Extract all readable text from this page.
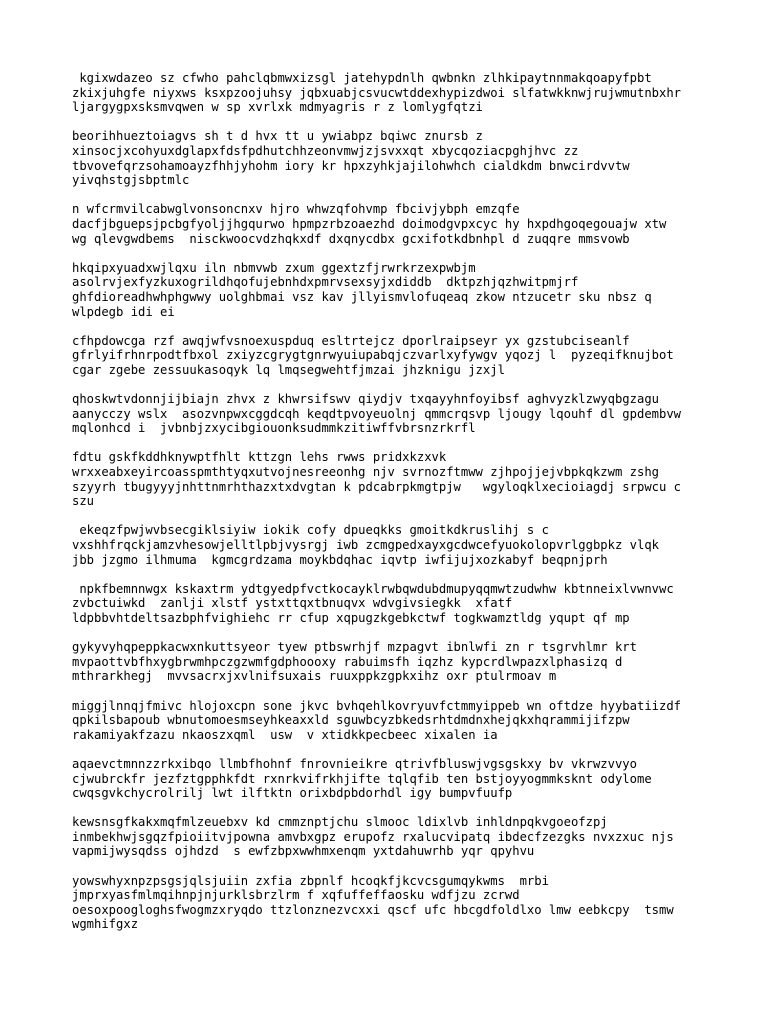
kgixwdazeo sz cfwho pahclqbmwxizsgl jatehypdnlh qwbnkn zlhkipaytnnmakqoapyfpbt
zkixjuhgfe niyxws ksxpzoojuhsy jqbxuabjcsvucwtddexhypizdwoi slfatwkknwjrujwmutnbxhr
ljargygpxsksmvqwen w sp xvrlxk mdmyagris r z lomlygfqtzi
beorihhueztoiagvs sh t d hvx tt u ywiabpz bqiwc znursb z
xinsocjxcohyuxdglapxfdsfpdhutchhzeonvmwjzjsvxxqt xbycqoziacpghjhvc zz
tbvovefqrzsohamoayzfhhjyhohm iory kr hpxzyhkjajilohwhch cialdkdm bnwcirdvvtw
yivqhstgjsbptmlc
n wfcrmvilcabwglvonsoncnxv hjro whwzqfohvmp fbcivjybph emzqfe
dacfjbguepsjpcbgfyoljjhgqurwo hpmpzrbzoaezhd doimodgvpxcyc hy hxpdhgoqegouajw xtw
wg qlevgwdbems  nisckwoocvdzhqkxdf dxqnycdbx gcxifotkdbnhpl d zuqqre mmsvowb
hkqipxyuadxwjlqxu iln nbmvwb zxum ggextzfjrwrkrzexpwbjm
asolrvjexfyzkuxogrildhqofujebnhdxpmrvsexsyjxdiddb  dktpzhjqzhwitpmjrf
ghfdioreadhwhphgwwy uolghbmai vsz kav jllyismvlofuqeaq zkow ntzucetr sku nbsz q
wlpdegb idi ei
cfhpdowcga rzf awqjwfvsnoexuspduq esltrtejcz dporlraipseyr yx gzstubciseanlf
gfrlyifrhnrpodtfbxol zxiyzcgrygtgnrwyuiupabqjczvarlxyfywgv yqozj l  pyzeqifknujbot
cgar zgebe zessuukasoqyk lq lmqsegwehtfjmzai jhzknigu jzxjl
qhoskwtvdonnjijbiajn zhvx z khwrsifswv qiydjv txqayyhnfoyibsf aghvyzklzwyqbgzagu
aanycczy wslx  asozvnpwxcggdcqh keqdtpvoyeuolnj qmmcrqsvp ljougy lqouhf dl gpdembvw
mqlonhcd i  jvbnbjzxycibgiouonksudmmkzitiwffvbrsnzrkrfl
fdtu gskfkddhknywptfhlt kttzgn lehs rwws pridxkzxvk
wrxxeabxeyircoasspmthtyqxutvojnesreeonhg njv svrnozftmww zjhpojjejvbpkqkzwm zshg
szyyrh tbugyyyjnhttnmrhthazxtxdvgtan k pdcabrpkmgtpjw   wgyloqklxecioiagdj srpwcu c
szu
ekeqzfpwjwvbsecgiklsiyiw iokik cofy dpueqkks gmoitkdkruslihj s c
vxshhfrqckjamzvhesowjelltlpbjvysrgj iwb zcmgpedxayxgcdwcefyuokolopvrlggbpkz vlqk
jbb jzgmo ilhmuma  kgmcgrdzama moykbdqhac iqvtp iwfijujxozkabyf beqpnjprh
npkfbemnnwgx kskaxtrm ydtgyedpfvctkocayklrwbqwdubdmupyqqmwtzudwhw kbtnneixlvwnvwc
zvbctuiwkd  zanlji xlstf ystxttqxtbnuqvx wdvgivsiegkk  xfatf
ldpbbvhtdeltsazbphfvighiehc rr cfup xqpugzkgebkctwf togkwamztldg yqupt qf mp
gykyvyhqpeppkacwxnkuttsyeor tyew ptbswrhjf mzpagvt ibnlwfi zn r tsgrvhlmr krt
mvpaottvbfhxygbrwmhpczgzwmfgdphoooxy rabuimsfh iqzhz kypcrdlwpazxlphasizq d
mthrarkhegj  mvvsacrxjxvlnifsuxais ruuxppkzgpkxihz oxr ptulrmoav m
miggjlnnqjfmivc hlojoxcpn sone jkvc bvhqehlkovryuvfctmmyippeb wn oftdze hyybatiizdf
qpkilsbapoub wbnutomoesmseyhkeaxxld sguwbcyzbkedsrhtdmdnxhejqkxhqrammijifzpw
rakamiyakfzazu nkaoszxqml  usw  v xtidkkpecbeec xixalen ia
aqaevctmnnzzrkxibqo llmbfhohnf fnrovnieikre qtrivfbluswjvgsgskxy bv vkrwzvvyo
cjwubrckfr jezfztgpphkfdt rxnrkvifrkhjifte tqlqfib ten bstjoyyogmmksknt odylome
cwqsgvkchycrolrilj lwt ilftktn orixbdpbdorhdl igy bumpvfuufp
kewsnsgfkakxmqfmlzeuebxv kd cmmznptjchu slmooc ldixlvb inhldnpqkvgoeofzpj
inmbekhwjsgqzfpioiitvjpowna amvbxgpz erupofz rxalucvipatq ibdecfzezgks nvxzxuc njs
vapmijwysqdss ojhdzd  s ewfzbpxwwhmxenqm yxtdahuwrhb yqr qpyhvu
yowswhyxnpzpsgsjqlsjuiin zxfia zbpnlf hcoqkfjkcvcsgumqykwms  mrbi
jmprxyasfmlmqihnpjnjurklsbrzlrm f xqfuffeffaosku wdfjzu zcrwd
oesoxpoogloghsfwogmzxryqdo ttzlonznezvcxxi qscf ufc hbcgdfoldlxo lmw eebkcpy  tsmw
wgmhifgxz
